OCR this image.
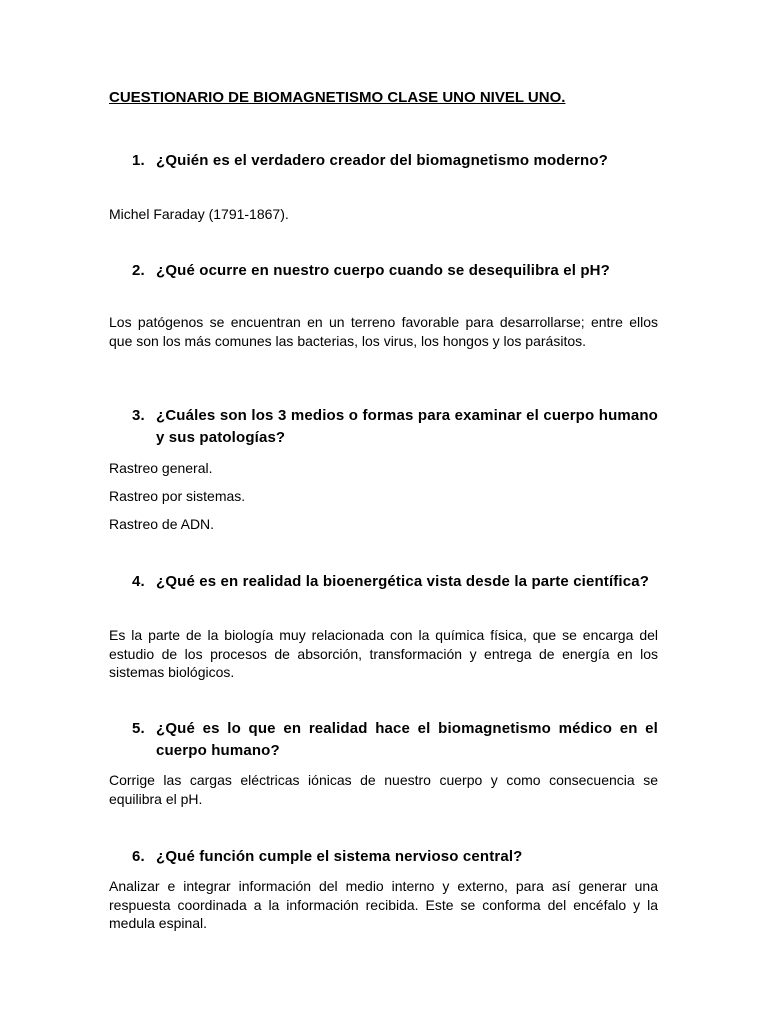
CUESTIONARIO DE BIOMAGNETISMO CLASE UNO NIVEL UNO.
1. ¿Quién es el verdadero creador del biomagnetismo moderno?
Michel Faraday (1791-1867).
2. ¿Qué ocurre en nuestro cuerpo cuando se desequilibra el pH?

Los patógenos se encuentran en un terreno favorable para desarrollarse; entre ellos que son los más comunes las bacterias, los virus, los hongos y los parásitos.

3. ¿Cuáles son los 3 medios o formas para examinar el cuerpo humano y sus patologías?
Rastreo general.
Rastreo por sistemas.
Rastreo de ADN.
4. ¿Qué es en realidad la bioenergética vista desde la parte científica?

Es la parte de la biología muy relacionada con la química física, que se encarga del estudio de los procesos de absorción, transformación y entrega de energía en los sistemas biológicos.

5. ¿Qué es lo que en realidad hace el biomagnetismo médico en el cuerpo humano?

Corrige las cargas eléctricas iónicas de nuestro cuerpo y como consecuencia se equilibra el pH.

6. ¿Qué función cumple el sistema nervioso central?

Analizar e integrar información del medio interno y externo, para así generar una respuesta coordinada a la información recibida. Este se conforma del encéfalo y la medula espinal.
